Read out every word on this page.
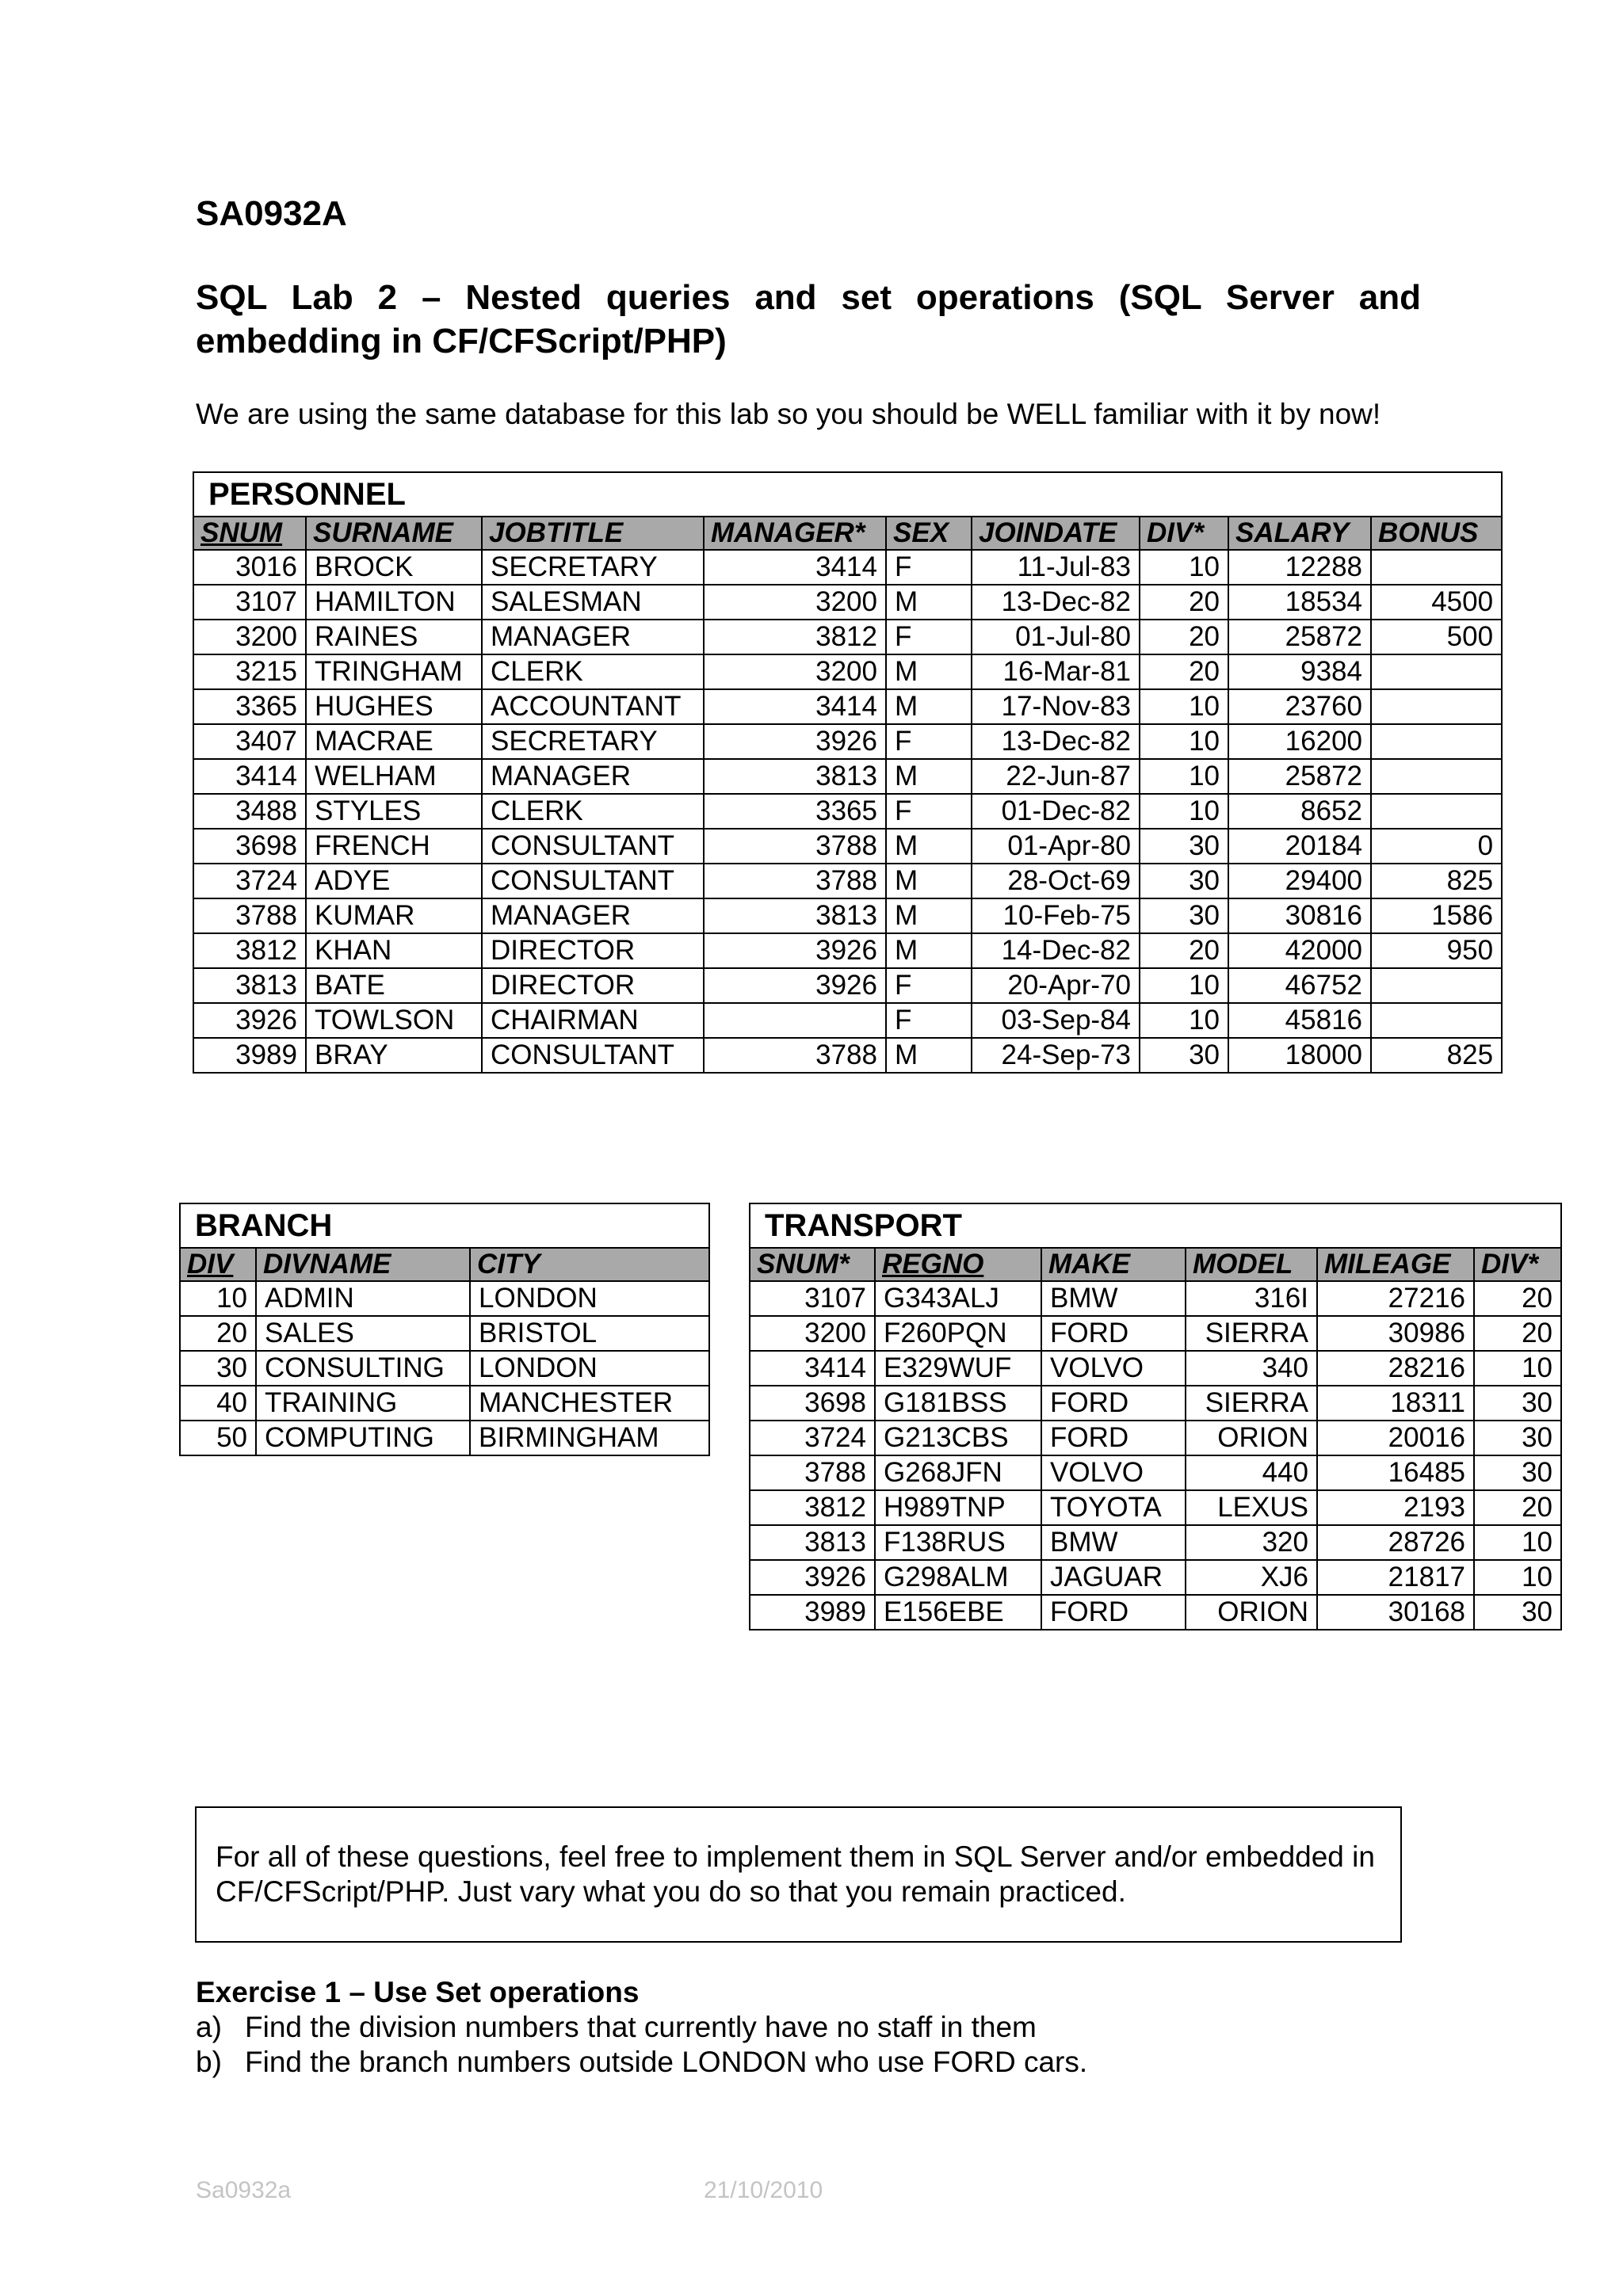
SA0932A

SQL Lab 2 – Nested queries and set operations (SQL Server and embedding in CF/CFScript/PHP)

We are using the same database for this lab so you should be WELL familiar with it by now!

PERSONNEL								
SNUM	SURNAME	JOBTITLE	MANAGER*	SEX	JOINDATE	DIV*	SALARY	BONUS
3016	BROCK	SECRETARY	3414	F	11-Jul-83	10	12288	
3107	HAMILTON	SALESMAN	3200	M	13-Dec-82	20	18534	4500
3200	RAINES	MANAGER	3812	F	01-Jul-80	20	25872	500
3215	TRINGHAM	CLERK	3200	M	16-Mar-81	20	9384	
3365	HUGHES	ACCOUNTANT	3414	M	17-Nov-83	10	23760	
3407	MACRAE	SECRETARY	3926	F	13-Dec-82	10	16200	
3414	WELHAM	MANAGER	3813	M	22-Jun-87	10	25872	
3488	STYLES	CLERK	3365	F	01-Dec-82	10	8652	
3698	FRENCH	CONSULTANT	3788	M	01-Apr-80	30	20184	0
3724	ADYE	CONSULTANT	3788	M	28-Oct-69	30	29400	825
3788	KUMAR	MANAGER	3813	M	10-Feb-75	30	30816	1586
3812	KHAN	DIRECTOR	3926	M	14-Dec-82	20	42000	950
3813	BATE	DIRECTOR	3926	F	20-Apr-70	10	46752	
3926	TOWLSON	CHAIRMAN		F	03-Sep-84	10	45816	
3989	BRAY	CONSULTANT	3788	M	24-Sep-73	30	18000	825
BRANCH		
DIV	DIVNAME	CITY
10	ADMIN	LONDON
20	SALES	BRISTOL
30	CONSULTING	LONDON
40	TRAINING	MANCHESTER
50	COMPUTING	BIRMINGHAM
TRANSPORT					
SNUM*	REGNO	MAKE	MODEL	MILEAGE	DIV*
3107	G343ALJ	BMW	316I	27216	20
3200	F260PQN	FORD	SIERRA	30986	20
3414	E329WUF	VOLVO	340	28216	10
3698	G181BSS	FORD	SIERRA	18311	30
3724	G213CBS	FORD	ORION	20016	30
3788	G268JFN	VOLVO	440	16485	30
3812	H989TNP	TOYOTA	LEXUS	2193	20
3813	F138RUS	BMW	320	28726	10
3926	G298ALM	JAGUAR	XJ6	21817	10
3989	E156EBE	FORD	ORION	30168	30
For all of these questions, feel free to implement them in SQL Server and/or embedded in CF/CFScript/PHP. Just vary what you do so that you remain practiced.

Exercise 1 – Use Set operations

a) Find the division numbers that currently have no staff in them

b) Find the branch numbers outside LONDON who use FORD cars.

Sa0932a	21/10/2010
